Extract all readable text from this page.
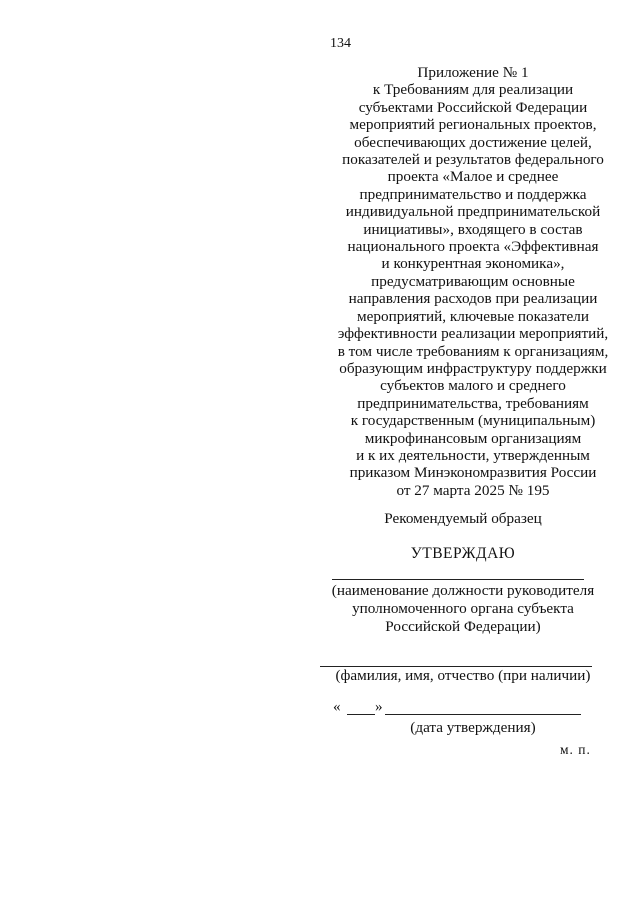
134
Приложение № 1
к Требованиям для реализации
субъектами Российской Федерации
мероприятий региональных проектов,
обеспечивающих достижение целей,
показателей и результатов федерального
проекта «Малое и среднее
предпринимательство и поддержка
индивидуальной предпринимательской
инициативы», входящего в состав
национального проекта «Эффективная
и конкурентная экономика»,
предусматривающим основные
направления расходов при реализации
мероприятий, ключевые показатели
эффективности реализации мероприятий,
в том числе требованиям к организациям,
образующим инфраструктуру поддержки
субъектов малого и среднего
предпринимательства, требованиям
к государственным (муниципальным)
микрофинансовым организациям
и к их деятельности, утвержденным
приказом Минэкономразвития России
от 27 марта 2025 № 195
Рекомендуемый образец
УТВЕРЖДАЮ
(наименование должности руководителя
уполномоченного органа субъекта
Российской Федерации)
(фамилия, имя, отчество (при наличии)
« »
(дата утверждения)
м. п.
